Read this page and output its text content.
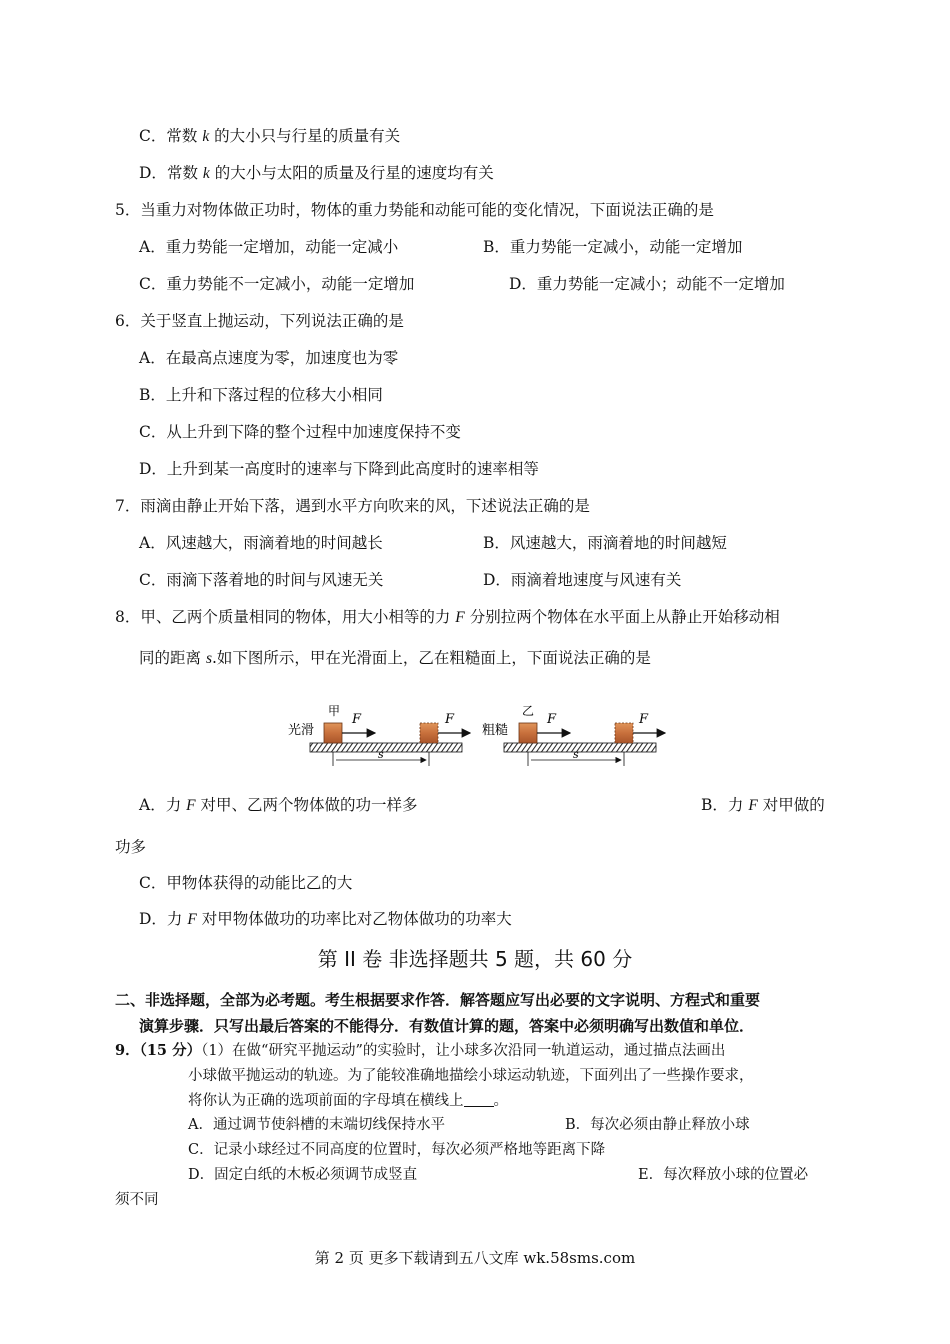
C．常数 k 的大小只与行星的质量有关
D．常数 k 的大小与太阳的质量及行星的速度均有关
5．当重力对物体做正功时，物体的重力势能和动能可能的变化情况，下面说法正确的是
A．重力势能一定增加，动能一定减小	B．重力势能一定减小，动能一定增加
C．重力势能不一定减小，动能一定增加	D．重力势能一定减小；动能不一定增加
6．关于竖直上抛运动，下列说法正确的是
A．在最高点速度为零，加速度也为零
B．上升和下落过程的位移大小相同
C．从上升到下降的整个过程中加速度保持不变
D．上升到某一高度时的速率与下降到此高度时的速率相等
7．雨滴由静止开始下落，遇到水平方向吹来的风，下述说法正确的是
A．风速越大，雨滴着地的时间越长	B．风速越大，雨滴着地的时间越短
C．雨滴下落着地的时间与风速无关	D．雨滴着地速度与风速有关
8．甲、乙两个质量相同的物体，用大小相等的力 F 分别拉两个物体在水平面上从静止开始移动相
同的距离 s.如下图所示，甲在光滑面上，乙在粗糙面上，下面说法正确的是
光滑
甲
F	F
s
粗糙
乙
F	F
s
A．力 F 对甲、乙两个物体做的功一样多	B．力 F 对甲做的
功多
C．甲物体获得的动能比乙的大
D．力 F 对甲物体做功的功率比对乙物体做功的功率大
第 II 卷 非选择题共 5 题，共 60 分
二、非选择题，全部为必考题。考生根据要求作答．解答题应写出必要的文字说明、方程式和重要
演算步骤．只写出最后答案的不能得分．有数值计算的题，答案中必须明确写出数值和单位．
9．（15 分）（1）在做“研究平抛运动”的实验时，让小球多次沿同一轨道运动，通过描点法画出
小球做平抛运动的轨迹。为了能较准确地描绘小球运动轨迹，下面列出了一些操作要求，
将你认为正确的选项前面的字母填在横线上 。
A．通过调节使斜槽的末端切线保持水平	B．每次必须由静止释放小球
C．记录小球经过不同高度的位置时，每次必须严格地等距离下降
D．固定白纸的木板必须调节成竖直	E．每次释放小球的位置必
须不同
第 2 页 更多下载请到五八文库 wk.58sms.com
